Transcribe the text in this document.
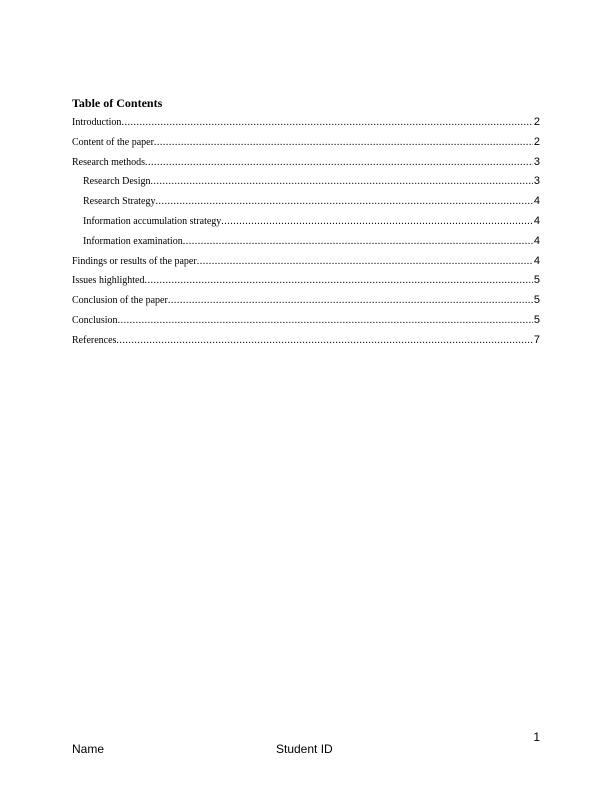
Table of Contents
Introduction .....	2
Content of the paper .....	2
Research methods .....	3
Research Design .....	3
Research Strategy .....	4
Information accumulation strategy .....	4
Information examination .....	4
Findings or results of the paper .....	4
Issues highlighted .....	5
Conclusion of the paper .....	5
Conclusion .....	5
References .....	7
1
Name	Student ID
